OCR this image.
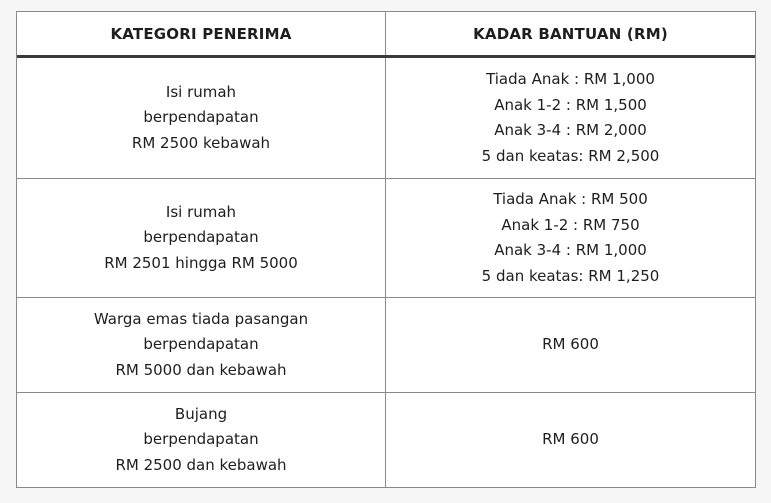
KATEGORI PENERIMA	KADAR BANTUAN (RM)
Isi rumah
berpendapatan
RM 2500 kebawah
Tiada Anak : RM 1,000
Anak 1-2 : RM 1,500
Anak 3-4 : RM 2,000
5 dan keatas: RM 2,500
Isi rumah
berpendapatan
RM 2501 hingga RM 5000
Tiada Anak : RM 500
Anak 1-2 : RM 750
Anak 3-4 : RM 1,000
5 dan keatas: RM 1,250
Warga emas tiada pasangan
berpendapatan
RM 5000 dan kebawah
RM 600
Bujang
berpendapatan
RM 2500 dan kebawah
RM 600
